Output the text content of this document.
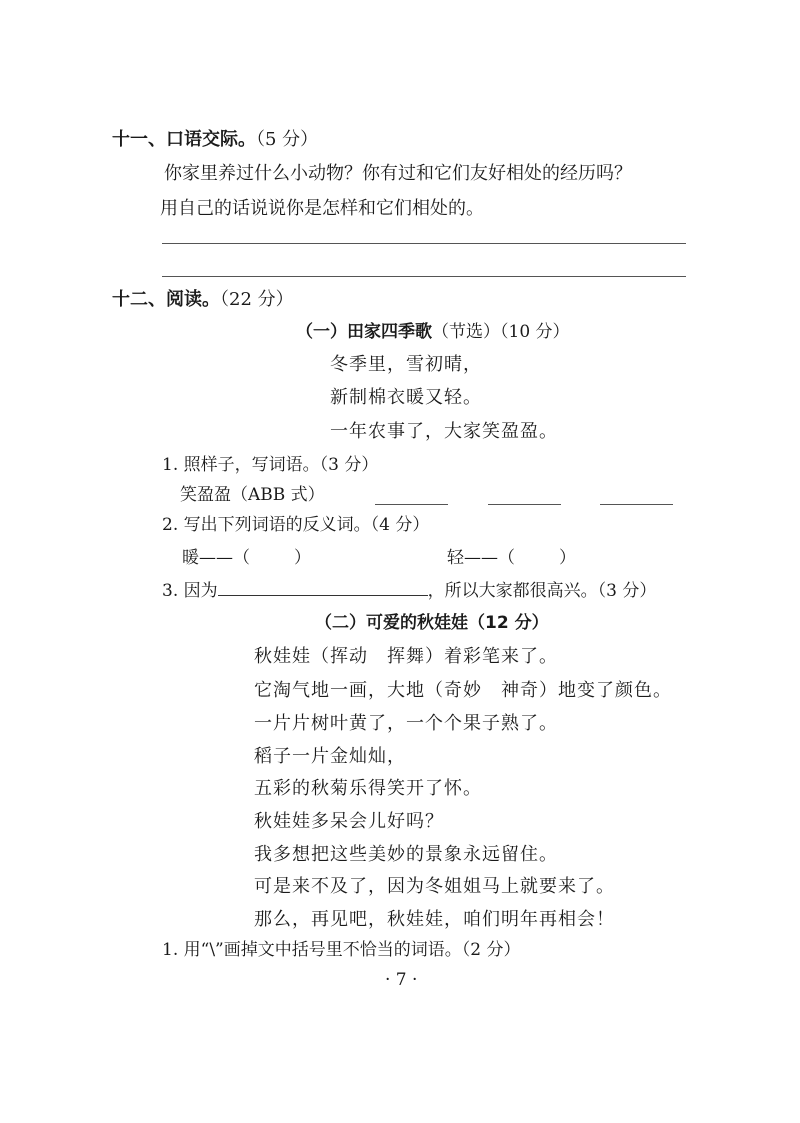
十一、口语交际。（5 分）
你家里养过什么小动物？你有过和它们友好相处的经历吗？
用自己的话说说你是怎样和它们相处的。
十二、阅读。（22 分）
（一）田家四季歌（节选）（10 分）
冬季里，雪初晴，
新制棉衣暖又轻。
一年农事了，大家笑盈盈。
1. 照样子，写词语。（3 分）
笑盈盈（ABB 式）
2. 写出下列词语的反义词。（4 分）
暖——（	）	轻——（	）
3. 因为	，所以大家都很高兴。（3 分）
（二）可爱的秋娃娃（12 分）
秋娃娃（挥动　挥舞）着彩笔来了。
它淘气地一画，大地（奇妙　神奇）地变了颜色。
一片片树叶黄了，一个个果子熟了。
稻子一片金灿灿，
五彩的秋菊乐得笑开了怀。
秋娃娃多呆会儿好吗？
我多想把这些美妙的景象永远留住。
可是来不及了，因为冬姐姐马上就要来了。
那么，再见吧，秋娃娃，咱们明年再相会！
1. 用“\”画掉文中括号里不恰当的词语。（2 分）
· 7 ·
